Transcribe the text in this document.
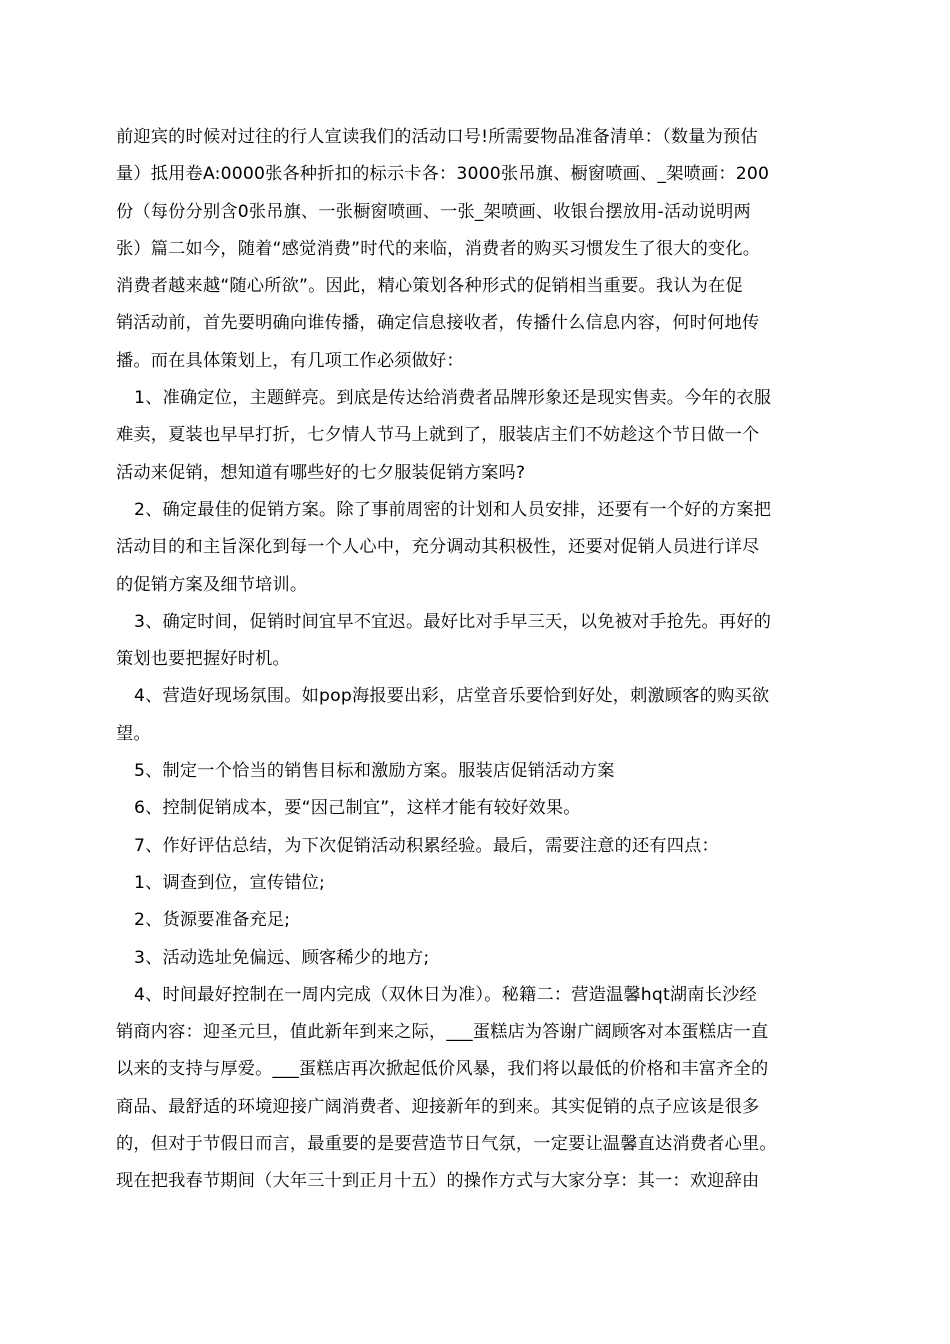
前迎宾的时候对过往的行人宣读我们的活动口号!所需要物品准备清单：（数量为预估
量）抵用卷A:0000张各种折扣的标示卡各：3000张吊旗、橱窗喷画、_架喷画：200
份（每份分别含0张吊旗、一张橱窗喷画、一张_架喷画、收银台摆放用-活动说明两
张）篇二如今，随着“感觉消费”时代的来临，消费者的购买习惯发生了很大的变化。
消费者越来越“随心所欲”。因此，精心策划各种形式的促销相当重要。我认为在促
销活动前，首先要明确向谁传播，确定信息接收者，传播什么信息内容，何时何地传
播。而在具体策划上，有几项工作必须做好：
1、准确定位，主题鲜亮。到底是传达给消费者品牌形象还是现实售卖。今年的衣服
难卖，夏装也早早打折，七夕情人节马上就到了，服装店主们不妨趁这个节日做一个
活动来促销，想知道有哪些好的七夕服装促销方案吗?
2、确定最佳的促销方案。除了事前周密的计划和人员安排，还要有一个好的方案把
活动目的和主旨深化到每一个人心中，充分调动其积极性，还要对促销人员进行详尽
的促销方案及细节培训。
3、确定时间，促销时间宜早不宜迟。最好比对手早三天，以免被对手抢先。再好的
策划也要把握好时机。
4、营造好现场氛围。如pop海报要出彩，店堂音乐要恰到好处，刺激顾客的购买欲
望。
5、制定一个恰当的销售目标和激励方案。服装店促销活动方案
6、控制促销成本，要“因己制宜”，这样才能有较好效果。
7、作好评估总结，为下次促销活动积累经验。最后，需要注意的还有四点：
1、调查到位，宣传错位;
2、货源要准备充足;
3、活动选址免偏远、顾客稀少的地方;
4、时间最好控制在一周内完成（双休日为准）。秘籍二：营造温馨hqt湖南长沙经
销商内容：迎圣元旦，值此新年到来之际，___蛋糕店为答谢广阔顾客对本蛋糕店一直
以来的支持与厚爱。___蛋糕店再次掀起低价风暴，我们将以最低的价格和丰富齐全的
商品、最舒适的环境迎接广阔消费者、迎接新年的到来。其实促销的点子应该是很多
的，但对于节假日而言，最重要的是要营造节日气氛，一定要让温馨直达消费者心里。
现在把我春节期间（大年三十到正月十五）的操作方式与大家分享：其一：欢迎辞由
